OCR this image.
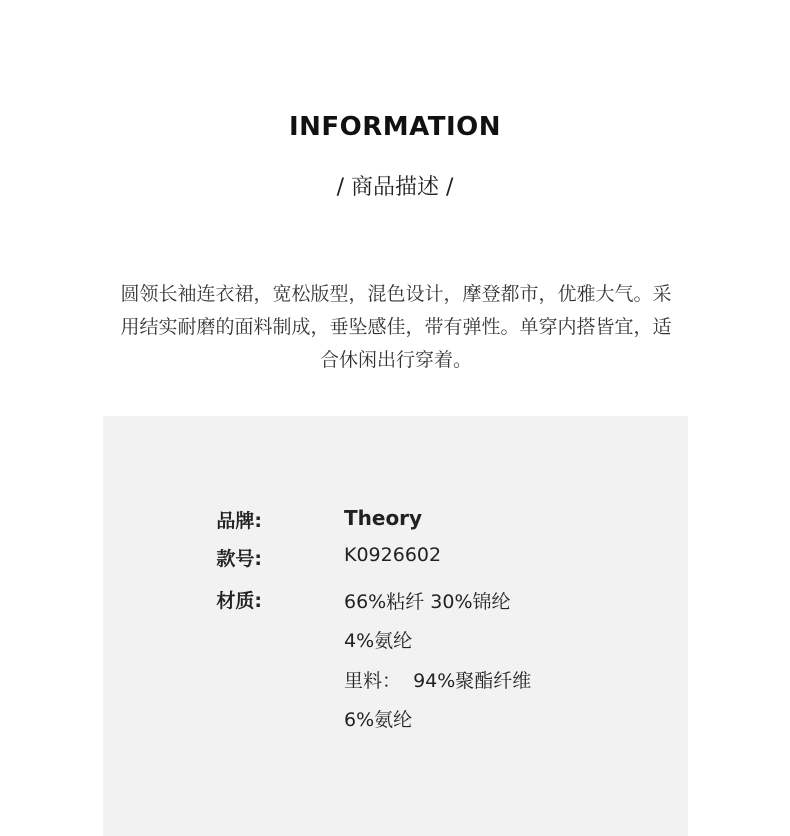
INFORMATION
/ 商品描述 /
圆领长袖连衣裙，宽松版型，混色设计，摩登都市，优雅大气。采
用结实耐磨的面料制成，垂坠感佳，带有弹性。单穿内搭皆宜，适
合休闲出行穿着。
品牌:	Theory
款号:	K0926602
材质:	66%粘纤 30%锦纶
4%氨纶
里料：  94%聚酯纤维
6%氨纶
